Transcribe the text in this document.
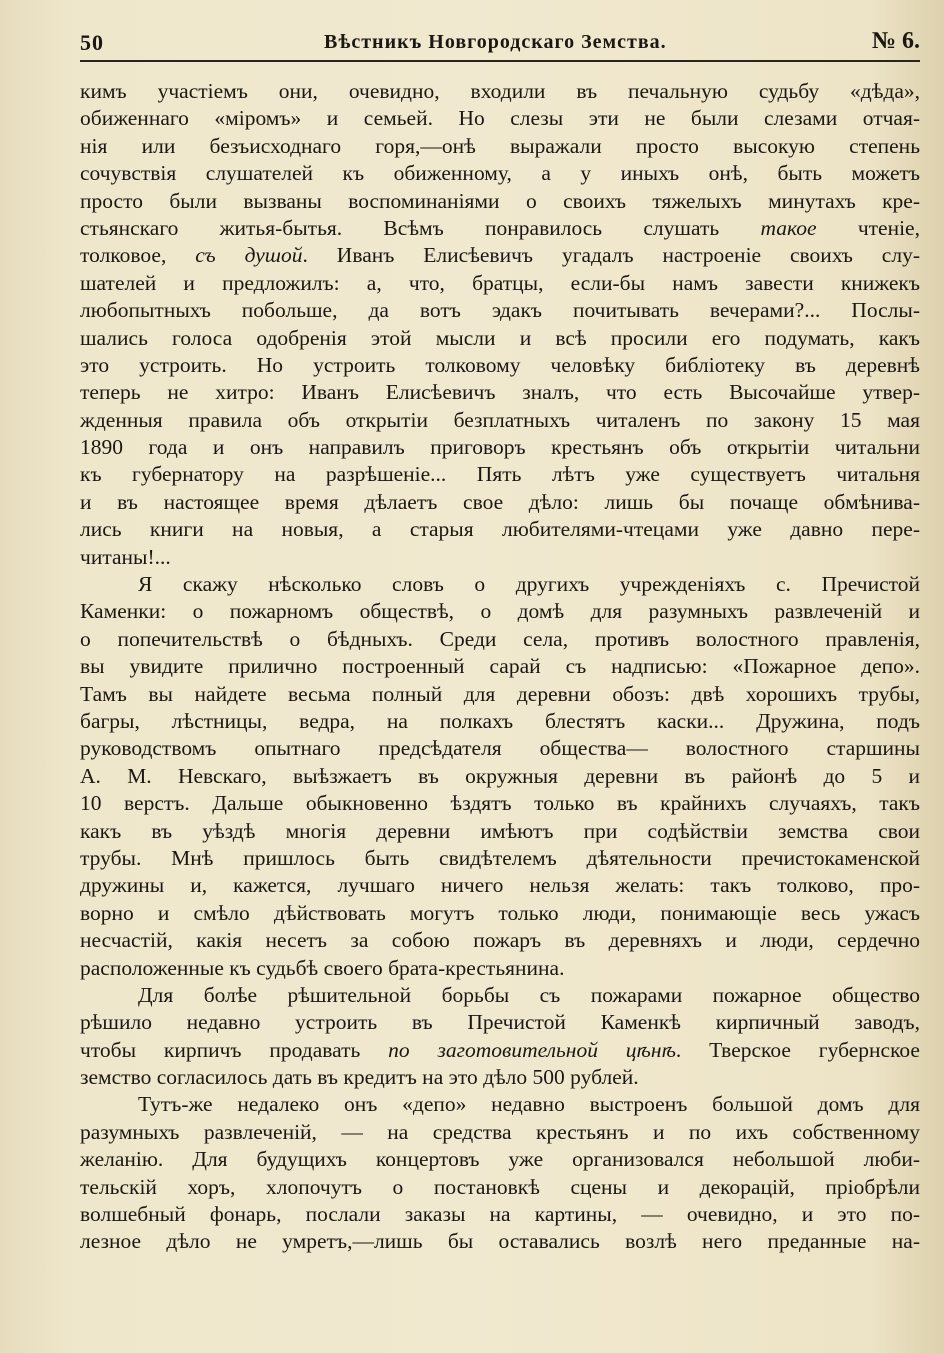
50	Вѣстникъ Новгородскаго Земства.	№ 6.
кимъ участіемъ они, очевидно, входили въ печальную судьбу «дѣда»,
обиженнаго «міромъ» и семьей. Но слезы эти не были слезами отчая-
нія или безъисходнаго горя,—онѣ выражали просто высокую степень
сочувствія слушателей къ обиженному, а у иныхъ онѣ, быть можетъ
просто были вызваны воспоминаніями о своихъ тяжелыхъ минутахъ кре-
стьянскаго житья-бытья. Всѣмъ понравилось слушать такое чтеніе,
толковое, съ душой. Иванъ Елисѣевичъ угадалъ настроеніе своихъ слу-
шателей и предложилъ: а, что, братцы, если-бы намъ завести книжекъ
любопытныхъ побольше, да вотъ эдакъ почитывать вечерами?... Послы-
шались голоса одобренія этой мысли и всѣ просили его подумать, какъ
это устроить. Но устроить толковому человѣку библіотеку въ деревнѣ
теперь не хитро: Иванъ Елисѣевичъ зналъ, что есть Высочайше утвер-
жденныя правила объ открытіи безплатныхъ читаленъ по закону 15 мая
1890 года и онъ направилъ приговоръ крестьянъ объ открытіи читальни
къ губернатору на разрѣшеніе... Пять лѣтъ уже существуетъ читальня
и въ настоящее время дѣлаетъ свое дѣло: лишь бы почаще обмѣнива-
лись книги на новыя, а старыя любителями-чтецами уже давно пере-
читаны!...
Я скажу нѣсколько словъ о другихъ учрежденіяхъ с. Пречистой
Каменки: о пожарномъ обществѣ, о домѣ для разумныхъ развлеченій и
о попечительствѣ о бѣдныхъ. Среди села, противъ волостного правленія,
вы увидите прилично построенный сарай съ надписью: «Пожарное депо».
Тамъ вы найдете весьма полный для деревни обозъ: двѣ хорошихъ трубы,
багры, лѣстницы, ведра, на полкахъ блестятъ каски... Дружина, подъ
руководствомъ опытнаго предсѣдателя общества— волостного старшины
А. М. Невскаго, выѣзжаетъ въ окружныя деревни въ районѣ до 5 и
10 верстъ. Дальше обыкновенно ѣздятъ только въ крайнихъ случаяхъ, такъ
какъ въ уѣздѣ многія деревни имѣютъ при содѣйствіи земства свои
трубы. Мнѣ пришлось быть свидѣтелемъ дѣятельности пречистокаменской
дружины и, кажется, лучшаго ничего нельзя желать: такъ толково, про-
ворно и смѣло дѣйствовать могутъ только люди, понимающіе весь ужасъ
несчастій, какія несетъ за собою пожаръ въ деревняхъ и люди, сердечно
расположенные къ судьбѣ своего брата-крестьянина.
Для болѣе рѣшительной борьбы съ пожарами пожарное общество
рѣшило недавно устроить въ Пречистой Каменкѣ кирпичный заводъ,
чтобы кирпичъ продавать по заготовительной цѣнѣ. Тверское губернское
земство согласилось дать въ кредитъ на это дѣло 500 рублей.
Тутъ-же недалеко онъ «депо» недавно выстроенъ большой домъ для
разумныхъ развлеченій, — на средства крестьянъ и по ихъ собственному
желанію. Для будущихъ концертовъ уже организовался небольшой люби-
тельскій хоръ, хлопочутъ о постановкѣ сцены и декорацій, пріобрѣли
волшебный фонарь, послали заказы на картины, — очевидно, и это по-
лезное дѣло не умретъ,—лишь бы оставались возлѣ него преданные на-
